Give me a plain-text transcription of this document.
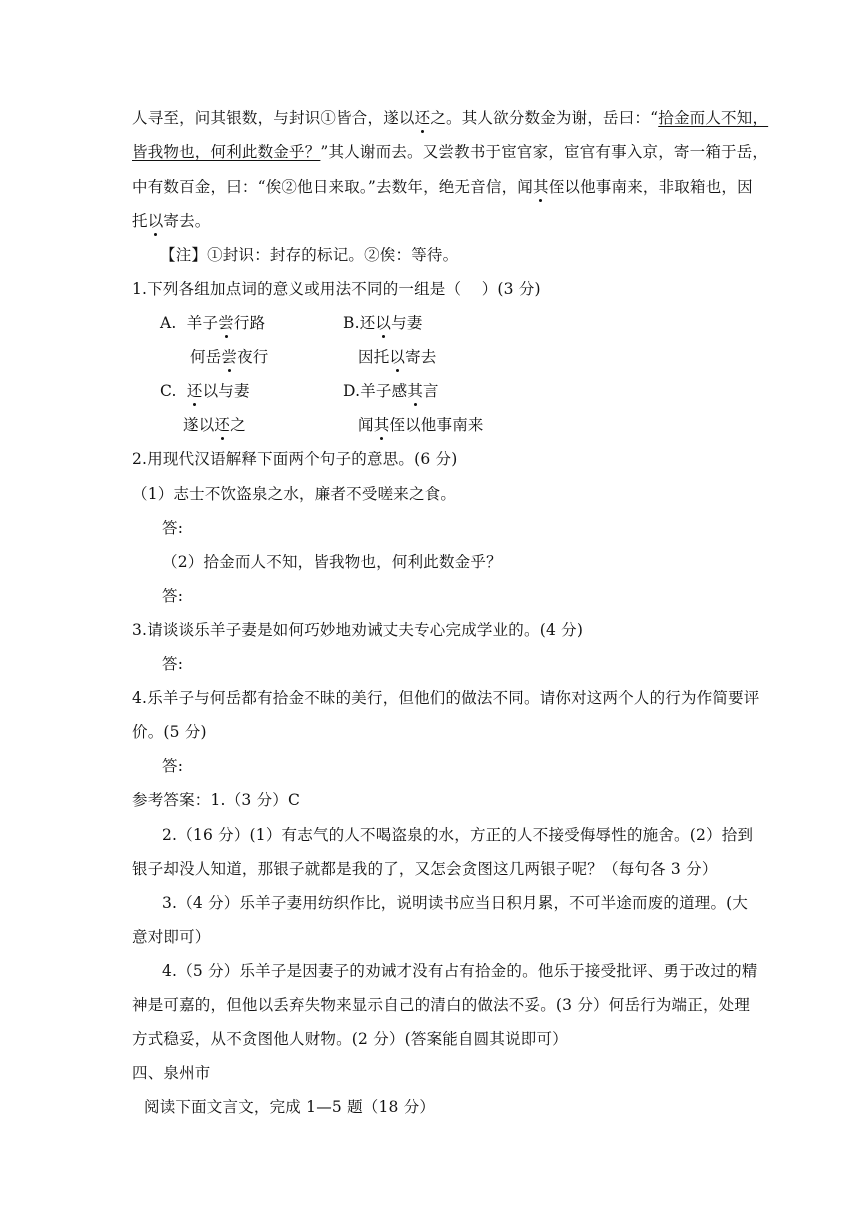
人寻至，问其银数，与封识①皆合，遂以还之。其人欲分数金为谢，岳曰：“拾金而人不知，
皆我物也，何利此数金乎？”其人谢而去。又尝教书于宦官家，宦官有事入京，寄一箱于岳，
中有数百金，曰：“俟②他日来取。”去数年，绝无音信，闻其侄以他事南来，非取箱也，因
托以寄去。
【注】①封识：封存的标记。②俟：等待。
1.下列各组加点词的意义或用法不同的一组是（    ）(3 分)
A.  羊子尝行路	B.还以与妻
何岳尝夜行	因托以寄去
C.  还以与妻	D.羊子感其言
遂以还之	闻其侄以他事南来
2.用现代汉语解释下面两个句子的意思。(6 分)
（1）志士不饮盗泉之水，廉者不受嗟来之食。
答:
（2）拾金而人不知，皆我物也，何利此数金乎？
答:
3.请谈谈乐羊子妻是如何巧妙地劝诫丈夫专心完成学业的。(4 分)
答:
4.乐羊子与何岳都有拾金不昧的美行，但他们的做法不同。请你对这两个人的行为作简要评
价。(5 分)
答:
参考答案：1.（3 分）C
2.（16 分）(1）有志气的人不喝盗泉的水，方正的人不接受侮辱性的施舍。(2）拾到
银子却没人知道，那银子就都是我的了，又怎会贪图这几两银子呢？（每句各 3 分）
3.（4 分）乐羊子妻用纺织作比，说明读书应当日积月累，不可半途而废的道理。(大
意对即可）
4.（5 分）乐羊子是因妻子的劝诫才没有占有拾金的。他乐于接受批评、勇于改过的精
神是可嘉的，但他以丢弃失物来显示自己的清白的做法不妥。(3 分）何岳行为端正，处理
方式稳妥，从不贪图他人财物。(2 分）(答案能自圆其说即可）
四、泉州市
阅读下面文言文，完成 1—5 题（18 分）
